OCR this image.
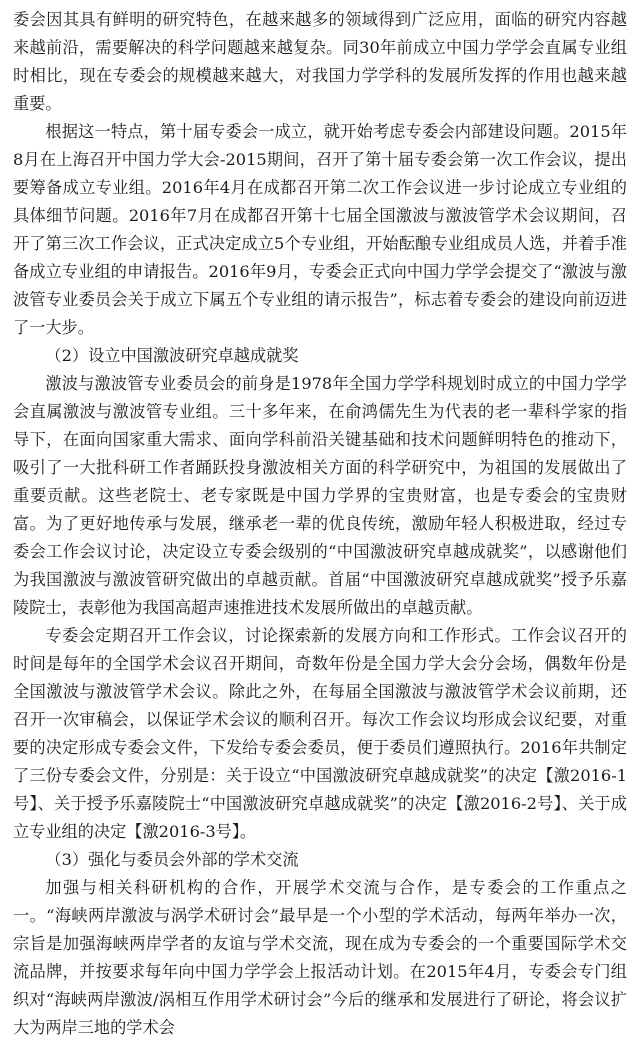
委会因其具有鲜明的研究特色，在越来越多的领域得到广泛应用，面临的研究内容越来越前沿，需要解决的科学问题越来越复杂。同30年前成立中国力学学会直属专业组时相比，现在专委会的规模越来越大，对我国力学学科的发展所发挥的作用也越来越重要。

根据这一特点，第十届专委会一成立，就开始考虑专委会内部建设问题。2015年8月在上海召开中国力学大会-2015期间，召开了第十届专委会第一次工作会议，提出要筹备成立专业组。2016年4月在成都召开第二次工作会议进一步讨论成立专业组的具体细节问题。2016年7月在成都召开第十七届全国激波与激波管学术会议期间，召开了第三次工作会议，正式决定成立5个专业组，开始酝酿专业组成员人选，并着手准备成立专业组的申请报告。2016年9月，专委会正式向中国力学学会提交了“激波与激波管专业委员会关于成立下属五个专业组的请示报告”，标志着专委会的建设向前迈进了一大步。

（2）设立中国激波研究卓越成就奖

激波与激波管专业委员会的前身是1978年全国力学学科规划时成立的中国力学学会直属激波与激波管专业组。三十多年来，在俞鸿儒先生为代表的老一辈科学家的指导下，在面向国家重大需求、面向学科前沿关键基础和技术问题鲜明特色的推动下，吸引了一大批科研工作者踊跃投身激波相关方面的科学研究中，为祖国的发展做出了重要贡献。这些老院士、老专家既是中国力学界的宝贵财富，也是专委会的宝贵财富。为了更好地传承与发展，继承老一辈的优良传统，激励年轻人积极进取，经过专委会工作会议讨论，决定设立专委会级别的“中国激波研究卓越成就奖”，以感谢他们为我国激波与激波管研究做出的卓越贡献。首届“中国激波研究卓越成就奖”授予乐嘉陵院士，表彰他为我国高超声速推进技术发展所做出的卓越贡献。

专委会定期召开工作会议，讨论探索新的发展方向和工作形式。工作会议召开的时间是每年的全国学术会议召开期间，奇数年份是全国力学大会分会场，偶数年份是全国激波与激波管学术会议。除此之外，在每届全国激波与激波管学术会议前期，还召开一次审稿会，以保证学术会议的顺利召开。每次工作会议均形成会议纪要，对重要的决定形成专委会文件，下发给专委会委员，便于委员们遵照执行。2016年共制定了三份专委会文件，分别是：关于设立“中国激波研究卓越成就奖”的决定【激2016-1号】、关于授予乐嘉陵院士“中国激波研究卓越成就奖”的决定【激2016-2号】、关于成立专业组的决定【激2016-3号】。

（3）强化与委员会外部的学术交流

加强与相关科研机构的合作，开展学术交流与合作，是专委会的工作重点之一。“海峡两岸激波与涡学术研讨会”最早是一个小型的学术活动，每两年举办一次，宗旨是加强海峡两岸学者的友谊与学术交流，现在成为专委会的一个重要国际学术交流品牌，并按要求每年向中国力学学会上报活动计划。在2015年4月，专委会专门组织对“海峡两岸激波/涡相互作用学术研讨会”今后的继承和发展进行了研论，将会议扩大为两岸三地的学术会
